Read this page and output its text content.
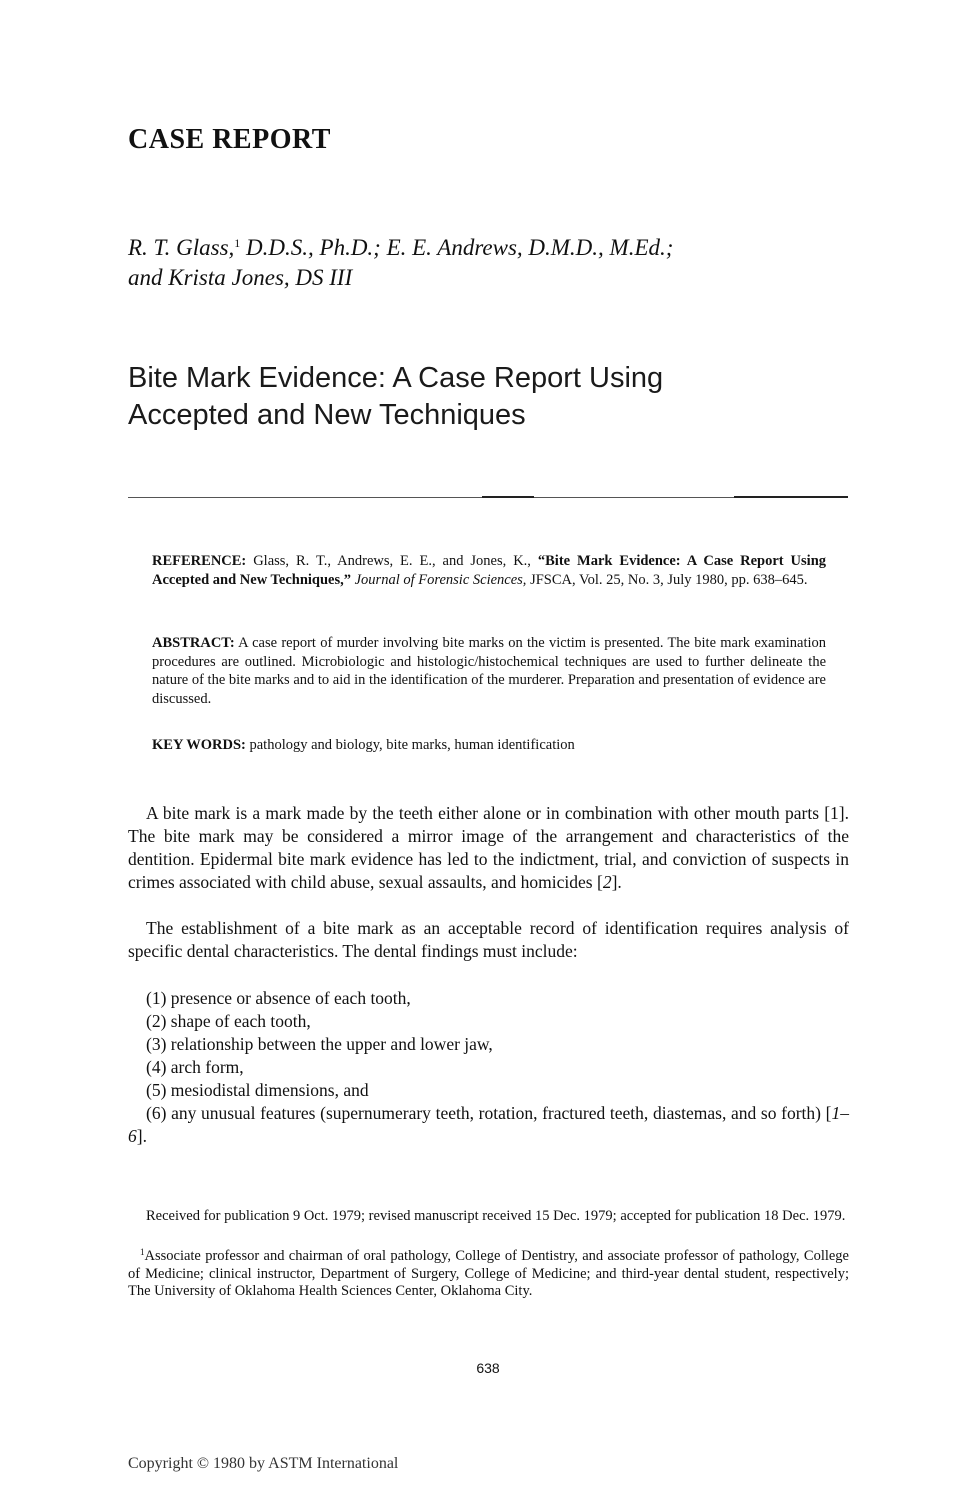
CASE REPORT
R. T. Glass,$^1$ D.D.S., Ph.D.; E. E. Andrews, D.M.D., M.Ed.;
and Krista Jones, DS III
Bite Mark Evidence: A Case Report Using
Accepted and New Techniques
REFERENCE: Glass, R. T., Andrews, E. E., and Jones, K., “Bite Mark Evidence: A Case Report Using Accepted and New Techniques,” Journal of Forensic Sciences, JFSCA, Vol. 25, No. 3, July 1980, pp. 638–645.
ABSTRACT: A case report of murder involving bite marks on the victim is presented. The bite mark examination procedures are outlined. Microbiologic and histologic/histochemical techniques are used to further delineate the nature of the bite marks and to aid in the identification of the murderer. Preparation and presentation of evidence are discussed.
KEY WORDS: pathology and biology, bite marks, human identification
A bite mark is a mark made by the teeth either alone or in combination with other mouth parts [1]. The bite mark may be considered a mirror image of the arrangement and characteristics of the dentition. Epidermal bite mark evidence has led to the indictment, trial, and conviction of suspects in crimes associated with child abuse, sexual assaults, and homicides [2].
The establishment of a bite mark as an acceptable record of identification requires analysis of specific dental characteristics. The dental findings must include:
(1) presence or absence of each tooth,
(2) shape of each tooth,
(3) relationship between the upper and lower jaw,
(4) arch form,
(5) mesiodistal dimensions, and
(6) any unusual features (supernumerary teeth, rotation, fractured teeth, diastemas, and so forth) [1–6].
Received for publication 9 Oct. 1979; revised manuscript received 15 Dec. 1979; accepted for publication 18 Dec. 1979.
$^1$Associate professor and chairman of oral pathology, College of Dentistry, and associate professor of pathology, College of Medicine; clinical instructor, Department of Surgery, College of Medicine; and third-year dental student, respectively; The University of Oklahoma Health Sciences Center, Oklahoma City.
638
Copyright © 1980 by ASTM International
